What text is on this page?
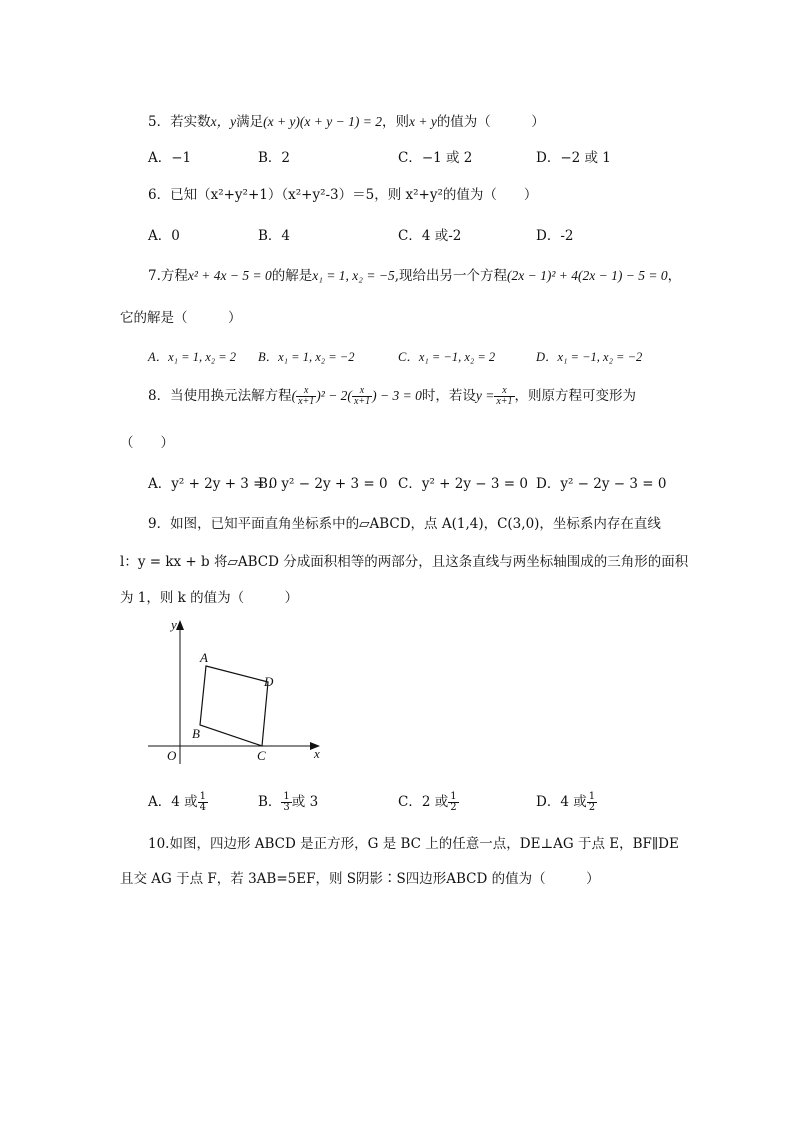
5．若实数x，y满足(x + y)(x + y − 1) = 2，则x + y的值为（　　　）
A．−1	B．2	C．−1 或 2	D．−2 或 1
6．已知（x²+y²+1）（x²+y²-3）＝5，则 x²+y²的值为（　　）
A．0	B．4	C．4 或-2	D．-2
7.方程x² + 4x − 5 = 0的解是x₁ = 1, x₂ = −5,现给出另一个方程(2x − 1)² + 4(2x − 1) − 5 = 0，
它的解是（　　　）
A．x₁ = 1, x₂ = 2 B．x₁ = 1, x₂ = −2	C．x₁ = −1, x₂ = 2	D．x₁ = −1, x₂ = −2
8．当使用换元法解方程( $\frac{x}{x+1} )^2 - 2( \frac{x}{x+1}$ ) − 3 = 0时，若设$y = \frac{x}{x+1}$ ，则原方程可变形为
（　　）
A．y² + 2y + 3 = 0
B．y² − 2y + 3 = 0 C．y² + 2y − 3 = 0 D．y² − 2y − 3 = 0
9．如图，已知平面直角坐标系中的▱ABCD，点 A(1,4)，C(3,0)，坐标系内存在直线
l：y = kx + b 将▱ABCD 分成面积相等的两部分，且这条直线与两坐标轴围成的三角形的面积
为 1，则 k 的值为（　　　）
y
x
O
A
B
C
D
A．4 或 $\frac{1}{4}$	B． $\frac{1}{3}$ 或 3	C．2 或 $\frac{1}{2}$	D．4 或 $\frac{1}{2}$
10.如图，四边形 ABCD 是正方形，G 是 BC 上的任意一点，DE⊥AG 于点 E，BF∥DE
且交 AG 于点 F，若 3AB=5EF，则 S阴影∶S四边形ABCD 的值为（　　　）
